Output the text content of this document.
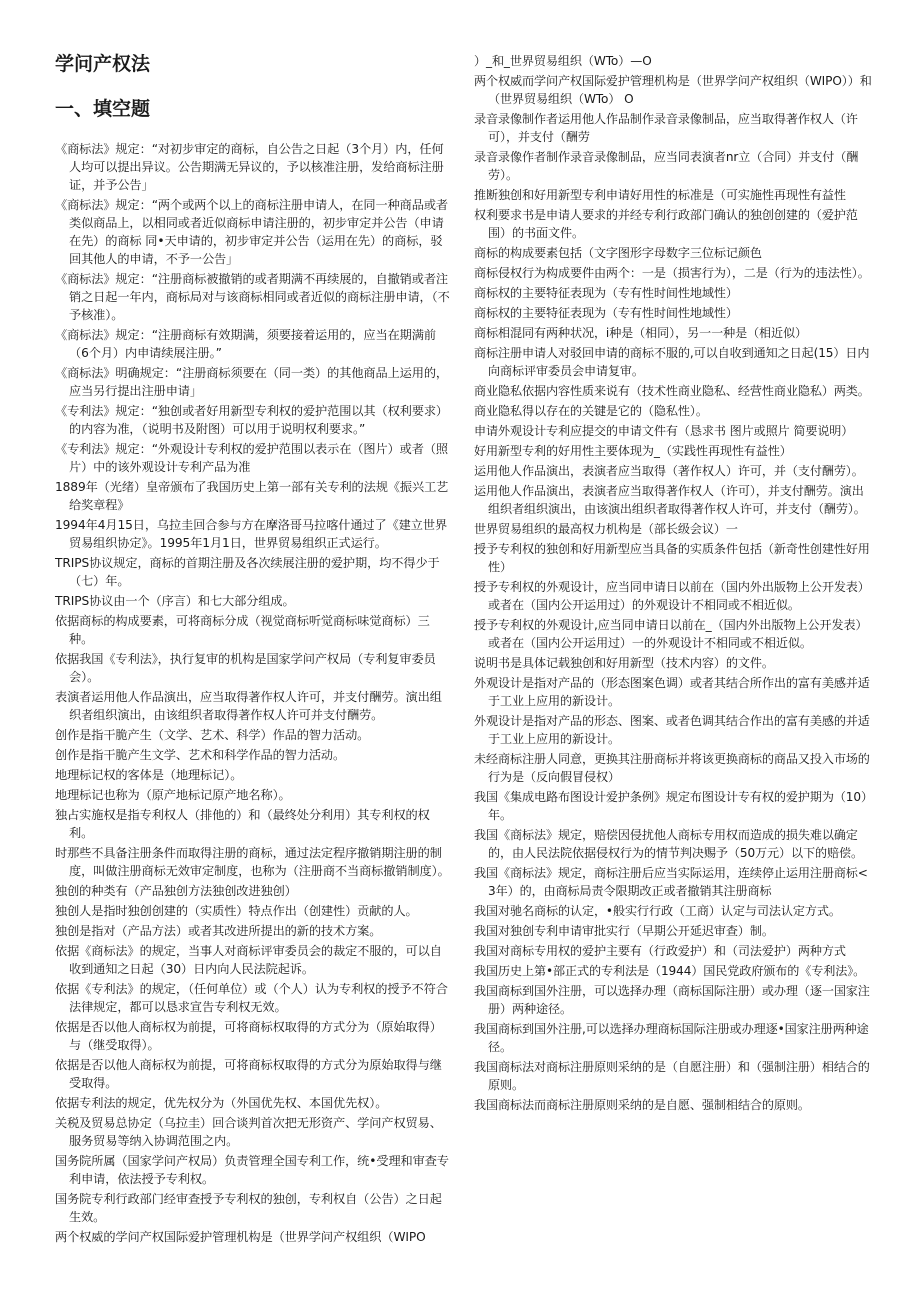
学问产权法
一、填空题

《商标法》规定：“对初步审定的商标，自公告之日起（3个月）内，任何人均可以提出异议。公告期满无异议的，予以核准注册，发给商标注册证，并予公告」

《商标法》规定：“两个或两个以上的商标注册申请人，在同一种商品或者类似商品上，以相同或者近似商标申请注册的，初步审定并公告（申请在先）的商标 同•天申请的，初步审定并公告（运用在先）的商标，驳回其他人的申请，不予一公告」

《商标法》规定：“注册商标被撤销的或者期满不再续展的，自撤销或者注销之日起一年内，商标局对与该商标相同或者近似的商标注册申请，（不予核准）。

《商标法》规定：“注册商标有效期满，须要接着运用的，应当在期满前（6个月）内申请续展注册。”

《商标法》明确规定：“注册商标须要在（同一类）的其他商品上运用的，应当另行提出注册申请」

《专利法》规定：“独创或者好用新型专利权的爱护范围以其（权利要求）的内容为准，（说明书及附图）可以用于说明权利要求。”

《专利法》规定：“外观设计专利权的爱护范围以表示在（图片）或者（照片）中的该外观设计专利产品为准

1889年（光绪）皇帝颁布了我国历史上第一部有关专利的法规《振兴工艺给奖章程》

1994年4月15日，乌拉圭回合参与方在摩洛哥马拉喀什通过了《建立世界贸易组织协定》。1995年1月1日，世界贸易组织正式运行。

TRIPS协议规定，商标的首期注册及各次续展注册的爱护期，均不得少于（七）年。

TRIPS协议由一个（序言）和七大部分组成。

依据商标的构成要素，可将商标分成（视觉商标听觉商标味觉商标）三种。

依据我国《专利法》，执行复审的机构是国家学问产权局（专利复审委员会）。

表演者运用他人作品演出，应当取得著作权人许可，并支付酬劳。演出组织者组织演出，由该组织者取得著作权人许可并支付酬劳。

创作是指干脆产生（文学、艺术、科学）作品的智力活动。

创作是指干脆产生文学、艺术和科学作品的智力活动。

地理标记权的客体是（地理标记）。

地理标记也称为（原产地标记原产地名称）。

独占实施权是指专利权人（排他的）和（最终处分利用）其专利权的权利。

时那些不具备注册条件而取得注册的商标，通过法定程序撤销期注册的制度，叫做注册商标无效审定制度，也称为（注册商不当商标撤销制度）。

独创的种类有（产品独创方法独创改进独创）

独创人是指时独创创建的（实质性）特点作出（创建性）贡献的人。

独创是指对（产品方法）或者其改进所提出的新的技术方案。

依据《商标法》的规定，当事人对商标评审委员会的裁定不服的，可以自收到通知之日起（30）日内向人民法院起诉。

依据《专利法》的规定，（任何单位）或（个人）认为专利权的授予不符合法律规定，都可以恳求宣告专利权无效。

依据是否以他人商标权为前提，可将商标权取得的方式分为（原始取得）与（继受取得）。

依据是否以他人商标权为前提，可将商标权取得的方式分为原始取得与继受取得。

依据专利法的规定，优先权分为（外国优先权、本国优先权）。

关税及贸易总协定（乌拉圭）回合谈判首次把无形资产、学问产权贸易、服务贸易等纳入协调范围之内。

国务院所属（国家学问产权局）负责管理全国专利工作，统•受理和审查专利申请，依法授予专利权。

国务院专利行政部门经审查授予专利权的独创，专利权自（公告）之日起生效。

两个权威的学问产权国际爱护管理机构是（世界学问产权组织（WIPO

）_和_世界贸易组织（WTo）—O

两个权威而学问产权国际爱护管理机构是（世界学问产权组织（WIPO））和（世界贸易组织（WTo） O

录音录像制作者运用他人作品制作录音录像制品，应当取得著作权人（许可），并支付（酬劳

录音录像作者制作录音录像制品，应当同表演者nr立（合同）并支付（酬劳）。

推断独创和好用新型专利申请好用性的标准是（可实施性再现性有益性

权利要求书是申请人要求的并经专利行政部门确认的独创创建的（爱护范围）的书面文件。

商标的构成要素包括（文字图形字母数字三位标记颜色

商标侵权行为构成要件由两个：一是（损害行为），二是（行为的违法性）。

商标权的主要特征表现为（专有性时间性地域性）

商标权的主要特征表现为（专有性时间性地域性）

商标相混同有两种状况，i种是（相同），另一一种是（相近似）

商标注册申请人对驳回申请的商标不服的,可以自收到通知之日起(15）日内向商标评审委员会申请复审。

商业隐私依据内容性质来说有（技术性商业隐私、经营性商业隐私）两类。

商业隐私得以存在的关键是它的（隐私性）。

申请外观设计专利应提交的申请文件有（恳求书 图片或照片 简要说明）

好用新型专利的好用性主要体现为_（实践性再现性有益性）

运用他人作品演出，表演者应当取得（著作权人）许可，并（支付酬劳）。

运用他人作品演出，表演者应当取得著作权人（许可），并支付酬劳。演出组织者组织演出，由该演出组织者取得著作权人许可，并支付（酬劳）。

世界贸易组织的最高权力机构是（部长级会议）一

授予专利权的独创和好用新型应当具备的实质条件包括（新奇性创建性好用性）

授予专利权的外观设计，应当同申请日以前在（国内外出版物上公开发表）或者在（国内公开运用过）的外观设计不相同或不相近似。

授予专利权的外观设计,应当同申请日以前在_（国内外出版物上公开发表）或者在（国内公开运用过）一的外观设计不相同或不相近似。

说明书是具体记载独创和好用新型（技术内容）的文件。

外观设计是指对产品的（形态图案色调）或者其结合所作出的富有美感并适于工业上应用的新设计。

外观设计是指对产品的形态、图案、或者色调其结合作出的富有美感的并适于工业上应用的新设计。

未经商标注册人同意，更换其注册商标并将该更换商标的商品又投入市场的行为是（反向假冒侵权）

我国《集成电路布图设计爱护条例》规定布图设计专有权的爱护期为（10）年。

我国《商标法》规定，赔偿因侵扰他人商标专用权而造成的损失难以确定的，由人民法院依据侵权行为的情节判决赐予（50万元）以下的赔偿。

我国《商标法》规定，商标注册后应当实际运用，连续停止运用注册商标<3年）的，由商标局责令限期改正或者撤销其注册商标

我国对驰名商标的认定，•般实行行政（工商）认定与司法认定方式。

我国对独创专利申请审批实行（早期公开延迟审查）制。

我国对商标专用权的爱护主要有（行政爱护）和（司法爱护）两种方式

我国历史上第•部正式的专利法是（1944）国民党政府颁布的《专利法》。

我国商标到国外注册，可以选择办理（商标国际注册）或办理（逐一国家注册）两种途径。

我国商标到国外注册,可以选择办理商标国际注册或办理逐•国家注册两种途径。

我国商标法对商标注册原则采纳的是（自愿注册）和（强制注册）相结合的原则。

我国商标法而商标注册原则采纳的是自愿、强制相结合的原则。
